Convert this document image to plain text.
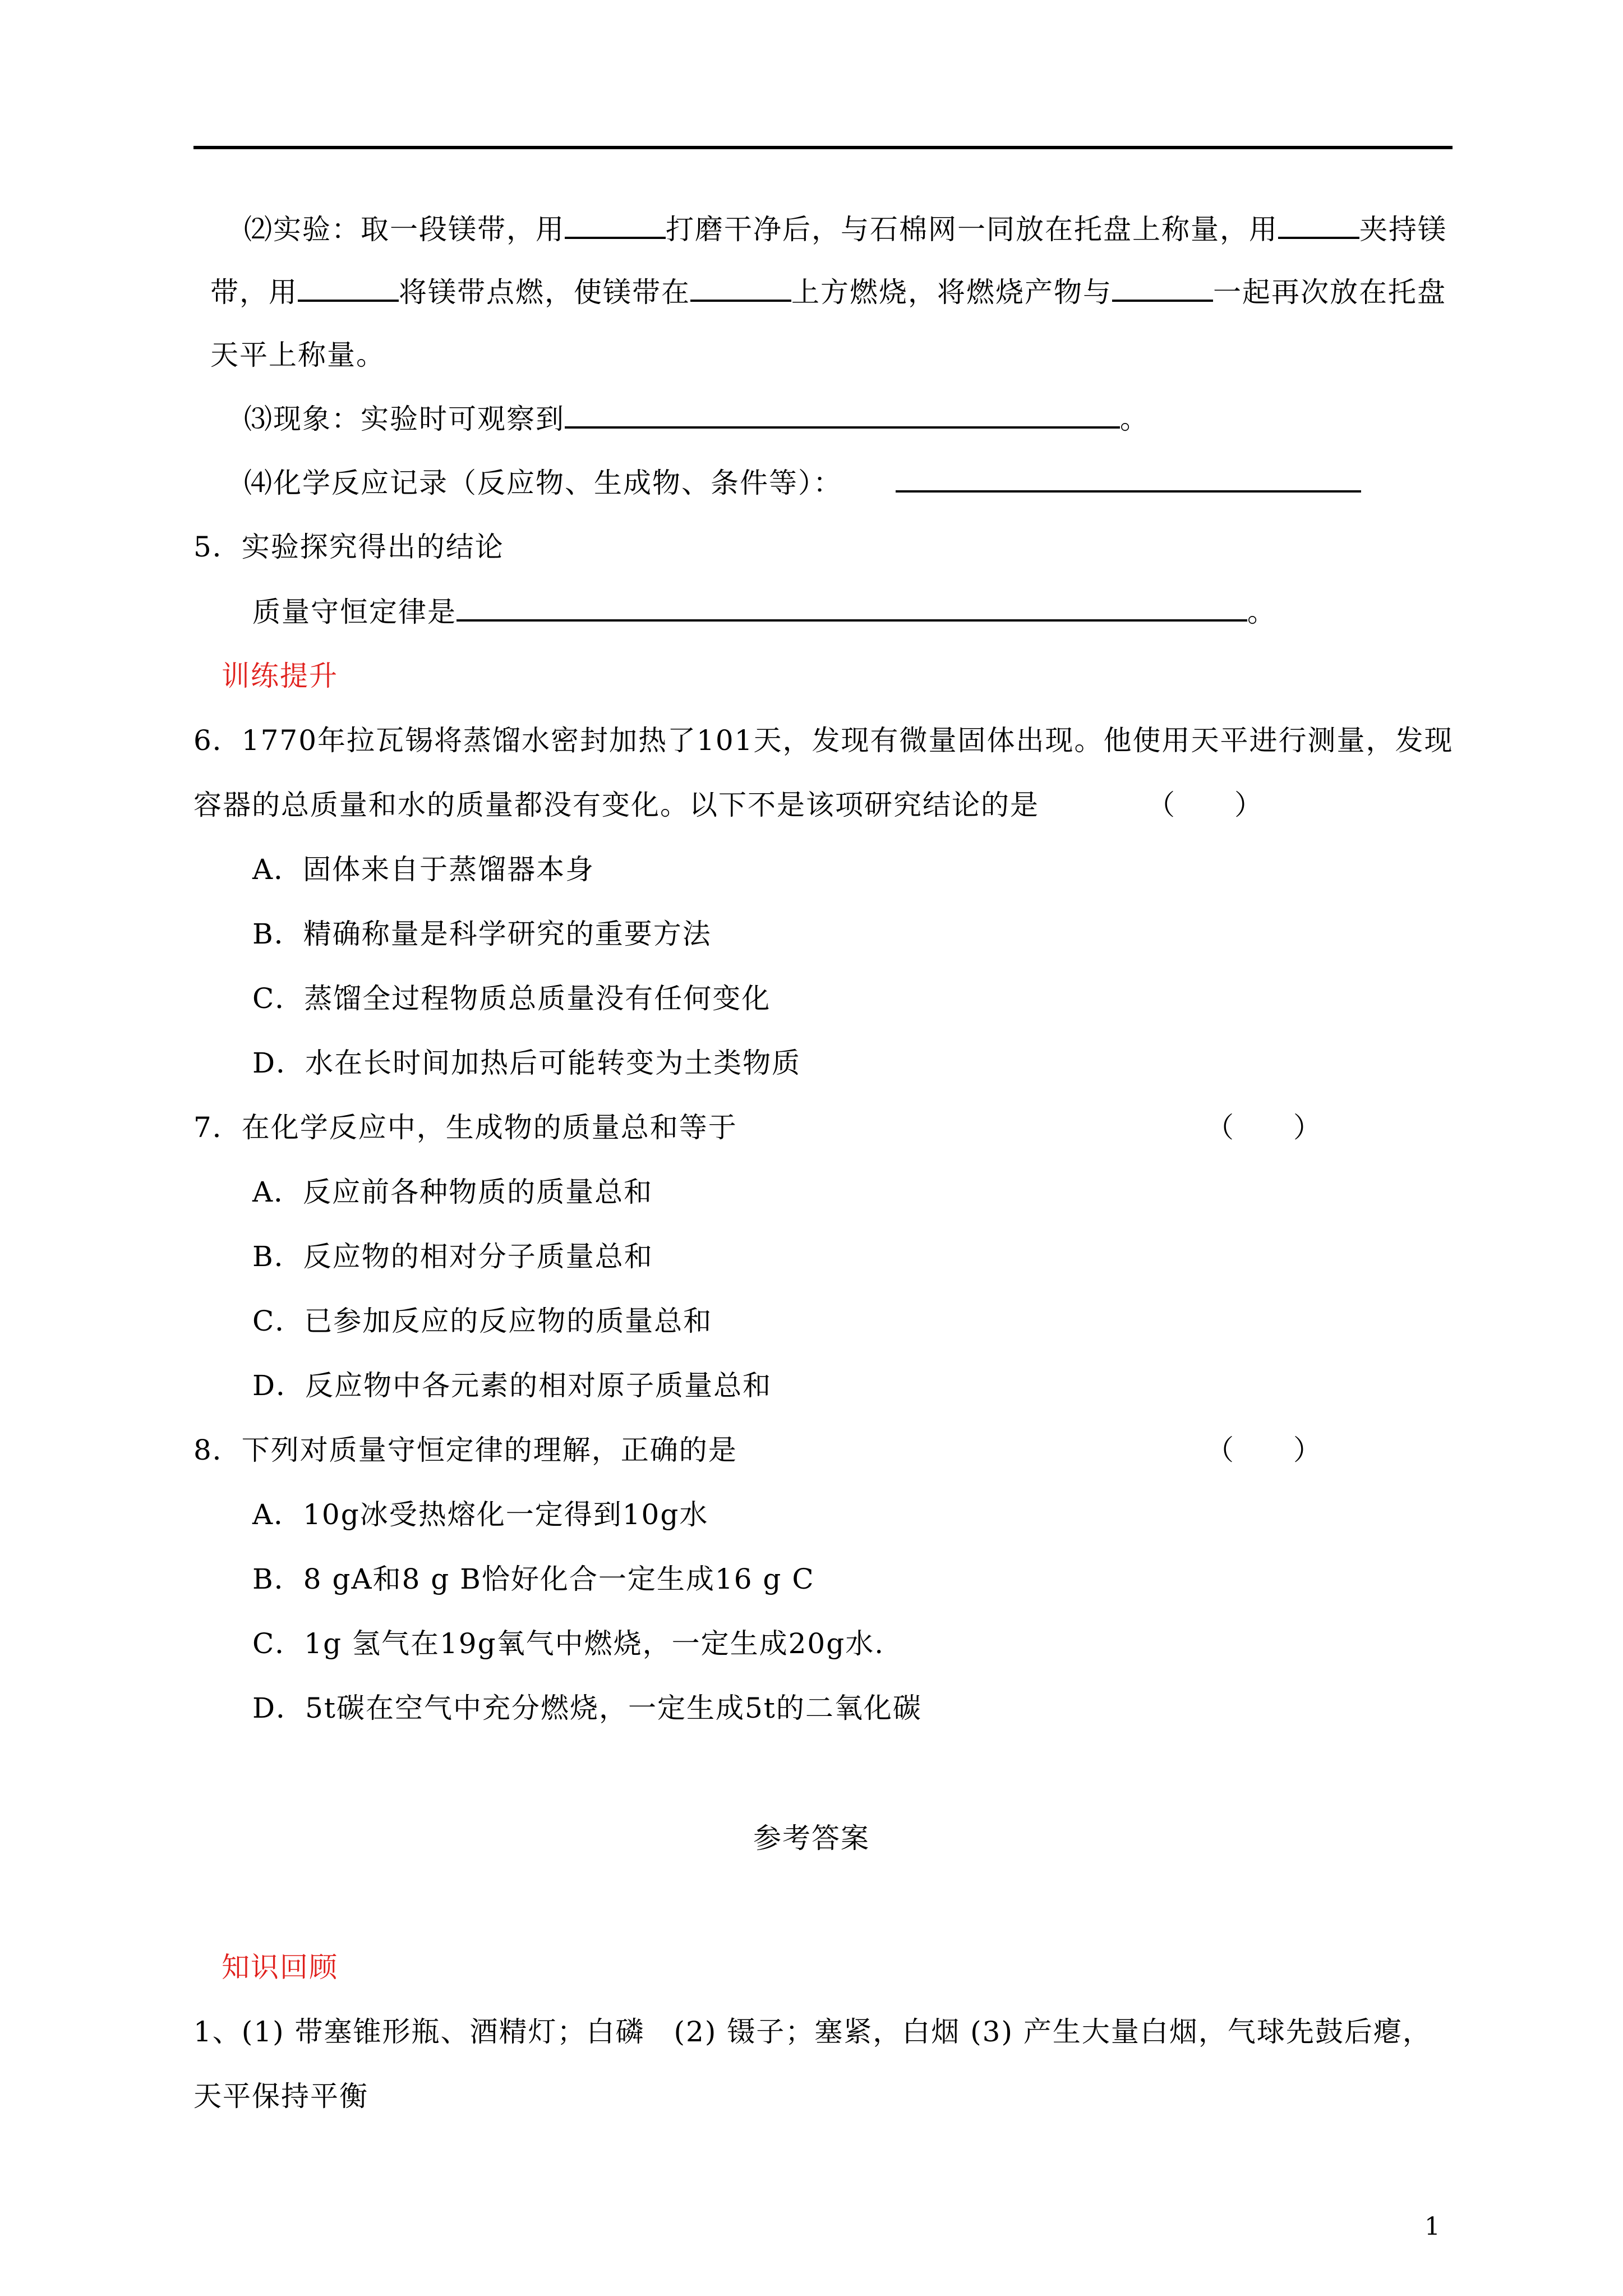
⑵实验：取一段镁带，用	打磨干净后，与石棉网一同放在托盘上称量，用	夹持镁
带，用	将镁带点燃，使镁带在	上方燃烧，将燃烧产物与	一起再次放在托盘
天平上称量。
⑶现象：实验时可观察到	。
⑷化学反应记录（反应物、生成物、条件等）：
5．实验探究得出的结论
质量守恒定律是	。
训练提升
6．1770年拉瓦锡将蒸馏水密封加热了101天，发现有微量固体出现。他使用天平进行测量，发现
容器的总质量和水的质量都没有变化。以下不是该项研究结论的是	（　　）
A．固体来自于蒸馏器本身
B．精确称量是科学研究的重要方法
C．蒸馏全过程物质总质量没有任何变化
D．水在长时间加热后可能转变为土类物质
7．在化学反应中，生成物的质量总和等于	（　　）
A．反应前各种物质的质量总和
B．反应物的相对分子质量总和
C．已参加反应的反应物的质量总和
D．反应物中各元素的相对原子质量总和
8．下列对质量守恒定律的理解，正确的是	（　　）
A．10g冰受热熔化一定得到10g水
B．8 gA和8 g B恰好化合一定生成16 g C
C．1g 氢气在19g氧气中燃烧，一定生成20g水.
D．5t碳在空气中充分燃烧，一定生成5t的二氧化碳
参考答案
知识回顾
1、(1) 带塞锥形瓶、酒精灯；白磷　(2) 镊子；塞紧，白烟 (3) 产生大量白烟，气球先鼓后瘪，
天平保持平衡
1
